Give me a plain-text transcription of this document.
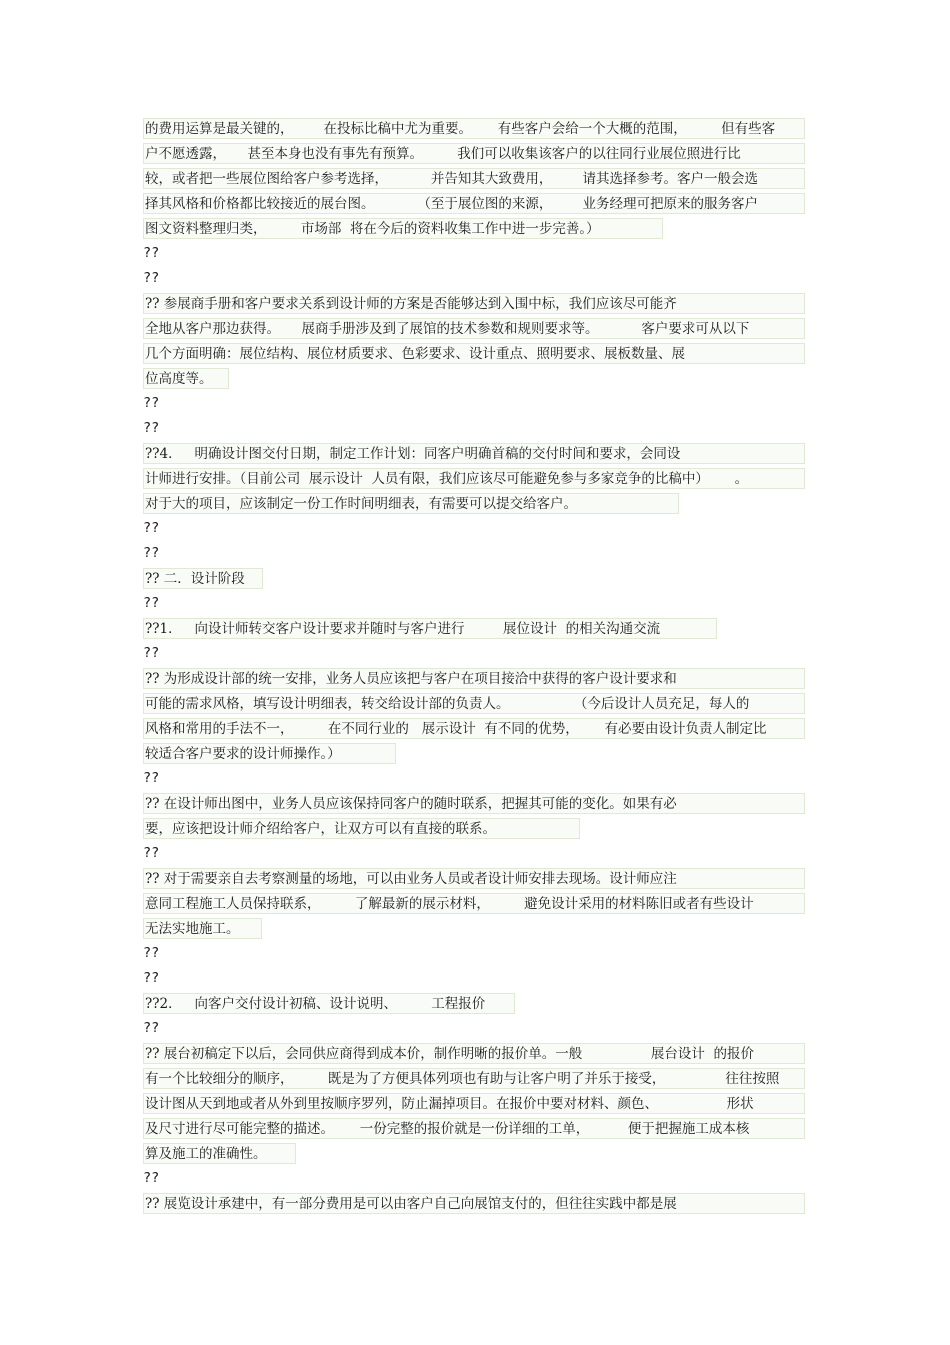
的费用运算是最关键的，       在投标比稿中尤为重要。      有些客户会给一个大概的范围，        但有些客
户不愿透露，     甚至本身也没有事先有预算。        我们可以收集该客户的以往同行业展位照进行比
较，或者把一些展位图给客户参考选择，          并告知其大致费用，       请其选择参考。客户一般会选
择其风格和价格都比较接近的展台图。          （至于展位图的来源，       业务经理可把原来的服务客户
图文资料整理归类，        市场部  将在今后的资料收集工作中进一步完善。）
??
??
?? 参展商手册和客户要求关系到设计师的方案是否能够达到入围中标，我们应该尽可能齐
全地从客户那边获得。     展商手册涉及到了展馆的技术参数和规则要求等。          客户要求可从以下
几个方面明确：展位结构、展位材质要求、色彩要求、设计重点、照明要求、展板数量、展
位高度等。
??
??
??4．   明确设计图交付日期，制定工作计划：同客户明确首稿的交付时间和要求，会同设
计师进行安排。（目前公司  展示设计  人员有限，我们应该尽可能避免参与多家竞争的比稿中）      。
对于大的项目，应该制定一份工作时间明细表，有需要可以提交给客户。
??
??
?? 二．设计阶段
??
??1．   向设计师转交客户设计要求并随时与客户进行         展位设计  的相关沟通交流
??
?? 为形成设计部的统一安排，业务人员应该把与客户在项目接洽中获得的客户设计要求和
可能的需求风格，填写设计明细表，转交给设计部的负责人。               （今后设计人员充足，每人的
风格和常用的手法不一，        在不同行业的   展示设计  有不同的优势，      有必要由设计负责人制定比
较适合客户要求的设计师操作。）
??
?? 在设计师出图中，业务人员应该保持同客户的随时联系，把握其可能的变化。如果有必
要，应该把设计师介绍给客户，让双方可以有直接的联系。
??
?? 对于需要亲自去考察测量的场地，可以由业务人员或者设计师安排去现场。设计师应注
意同工程施工人员保持联系，        了解最新的展示材料，        避免设计采用的材料陈旧或者有些设计
无法实地施工。
??
??
??2．   向客户交付设计初稿、设计说明、        工程报价
??
?? 展台初稿定下以后，会同供应商得到成本价，制作明晰的报价单。一般                展台设计  的报价
有一个比较细分的顺序，        既是为了方便具体列项也有助与让客户明了并乐于接受，              往往按照
设计图从天到地或者从外到里按顺序罗列，防止漏掉项目。在报价中要对材料、颜色、                形状
及尺寸进行尽可能完整的描述。      一份完整的报价就是一份详细的工单，         便于把握施工成本核
算及施工的准确性。
??
?? 展览设计承建中，有一部分费用是可以由客户自己向展馆支付的，但往往实践中都是展
